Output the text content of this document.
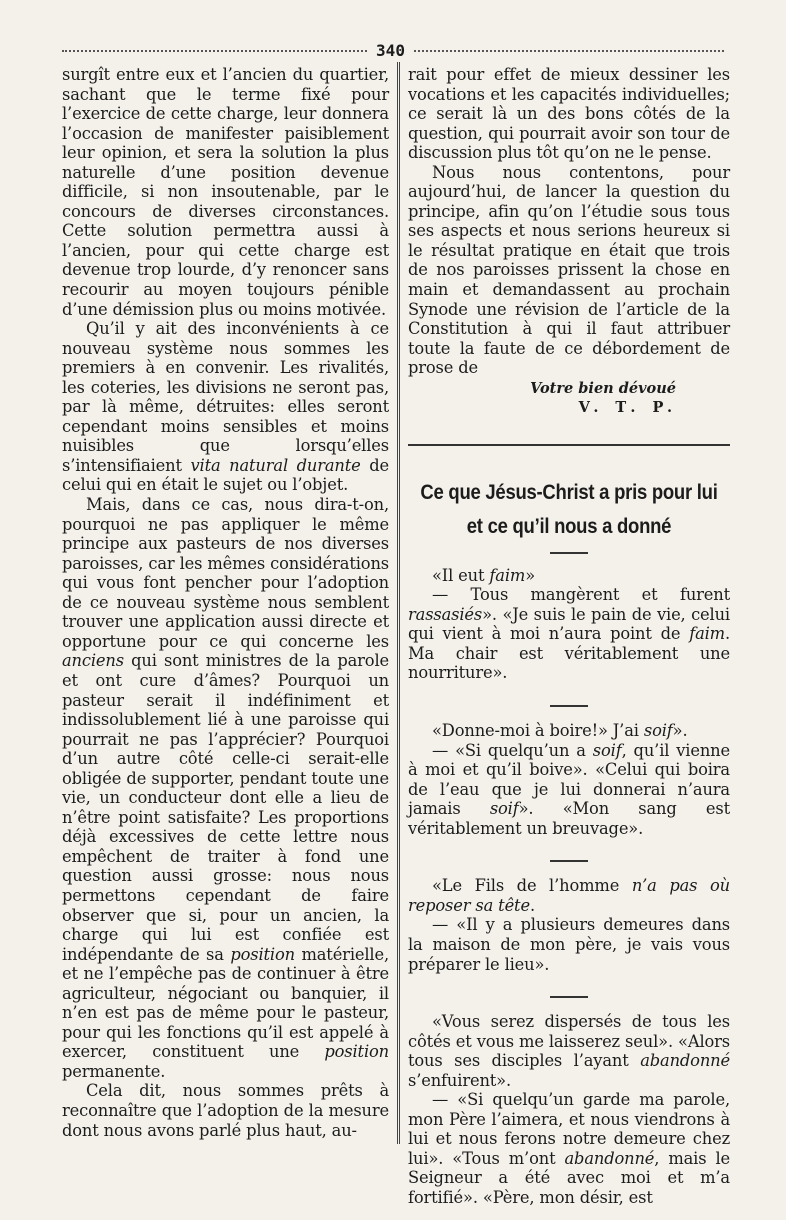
340

surgît entre eux et l’ancien du quartier, sachant que le terme fixé pour l’exercice de cette charge, leur donnera l’occasion de manifester paisiblement leur opinion, et sera la solution la plus naturelle d’une position devenue difficile, si non insoutenable, par le concours de diverses circonstances. Cette solution permettra aussi à l’ancien, pour qui cette charge est devenue trop lourde, d’y renoncer sans recourir au moyen toujours pénible d’une démission plus ou moins motivée.

Qu’il y ait des inconvénients à ce nouveau système nous sommes les premiers à en convenir. Les rivalités, les coteries, les divisions ne seront pas, par là même, détruites: elles seront cependant moins sensibles et moins nuisibles que lorsqu’elles s’intensifiaient vita natural durante de celui qui en était le sujet ou l’objet.

Mais, dans ce cas, nous dira-t-on, pourquoi ne pas appliquer le même principe aux pasteurs de nos diverses paroisses, car les mêmes considérations qui vous font pencher pour l’adoption de ce nouveau système nous semblent trouver une application aussi directe et opportune pour ce qui concerne les anciens qui sont ministres de la parole et ont cure d’âmes? Pourquoi un pasteur serait il indéfiniment et indissolublement lié à une paroisse qui pourrait ne pas l’apprécier? Pourquoi d’un autre côté celle-ci serait-elle obligée de supporter, pendant toute une vie, un conducteur dont elle a lieu de n’être point satisfaite? Les proportions déjà excessives de cette lettre nous empêchent de traiter à fond une question aussi grosse: nous nous permettons cependant de faire observer que si, pour un ancien, la charge qui lui est confiée est indépendante de sa position matérielle, et ne l’empêche pas de continuer à être agriculteur, négociant ou banquier, il n’en est pas de même pour le pasteur, pour qui les fonctions qu’il est appelé à exercer, constituent une position permanente.

Cela dit, nous sommes prêts à reconnaître que l’adoption de la mesure dont nous avons parlé plus haut, au-

rait pour effet de mieux dessiner les vocations et les capacités individuelles; ce serait là un des bons côtés de la question, qui pourrait avoir son tour de discussion plus tôt qu’on ne le pense.

Nous nous contentons, pour aujourd’hui, de lancer la question du principe, afin qu’on l’étudie sous tous ses aspects et nous serions heureux si le résultat pratique en était que trois de nos paroisses prissent la chose en main et demandassent au prochain Synode une révision de l’article de la Constitution à qui il faut attribuer toute la faute de ce débordement de prose de

Votre bien dévoué
V. T. P.
Ce que Jésus-Christ a pris pour lui
et ce qu’il nous a donné

«Il eut faim»

— Tous mangèrent et furent rassasiés». «Je suis le pain de vie, celui qui vient à moi n’aura point de faim. Ma chair est véritablement une nourriture».

«Donne-moi à boire!» J’ai soif».

— «Si quelqu’un a soif, qu’il vienne à moi et qu’il boive». «Celui qui boira de l’eau que je lui donnerai n’aura jamais soif». «Mon sang est véritablement un breuvage».

«Le Fils de l’homme n’a pas où reposer sa tête.

— «Il y a plusieurs demeures dans la maison de mon père, je vais vous préparer le lieu».

«Vous serez dispersés de tous les côtés et vous me laisserez seul». «Alors tous ses disciples l’ayant abandonné s’enfuirent».

— «Si quelqu’un garde ma parole, mon Père l’aimera, et nous viendrons à lui et nous ferons notre demeure chez lui». «Tous m’ont abandonné, mais le Seigneur a été avec moi et m’a fortifié». «Père, mon désir, est
